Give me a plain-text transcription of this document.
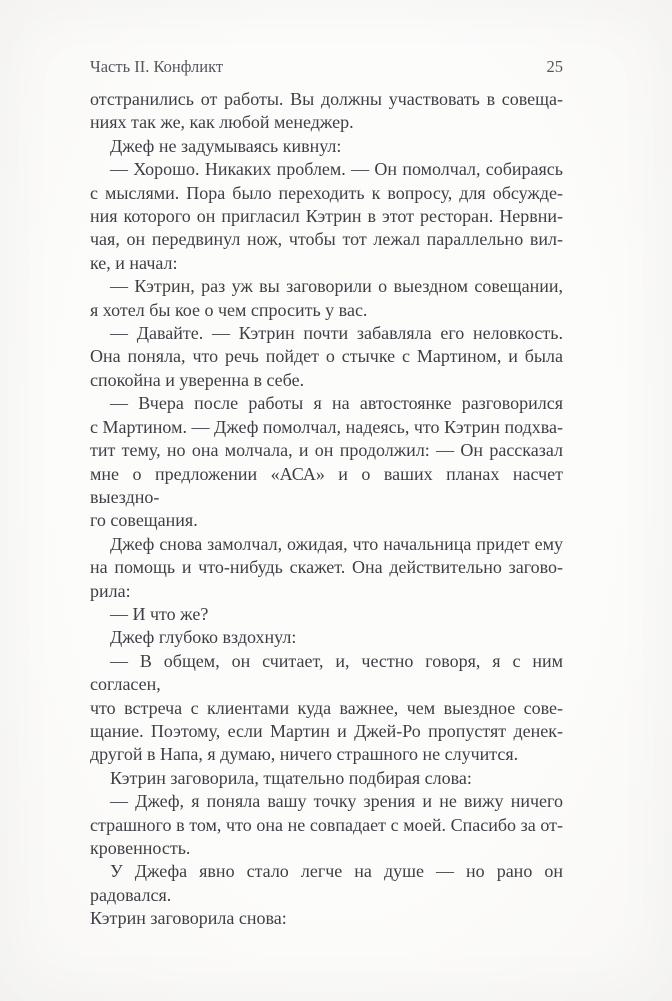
Часть II. Конфликт	25
отстранились от работы. Вы должны участвовать в совеща-
ниях так же, как любой менеджер.
Джеф не задумываясь кивнул:
— Хорошо. Никаких проблем. — Он помолчал, собираясь
с мыслями. Пора было переходить к вопросу, для обсужде-
ния которого он пригласил Кэтрин в этот ресторан. Нервни-
чая, он передвинул нож, чтобы тот лежал параллельно вил-
ке, и начал:
— Кэтрин, раз уж вы заговорили о выездном совещании,
я хотел бы кое о чем спросить у вас.
— Давайте. — Кэтрин почти забавляла его неловкость.
Она поняла, что речь пойдет о стычке с Мартином, и была
спокойна и уверенна в себе.
— Вчера после работы я на автостоянке разговорился
с Мартином. — Джеф помолчал, надеясь, что Кэтрин подхва-
тит тему, но она молчала, и он продолжил: — Он рассказал
мне о предложении «АСА» и о ваших планах насчет выездно-
го совещания.
Джеф снова замолчал, ожидая, что начальница придет ему
на помощь и что-нибудь скажет. Она действительно загово-
рила:
— И что же?
Джеф глубоко вздохнул:
— В общем, он считает, и, честно говоря, я с ним согласен,
что встреча с клиентами куда важнее, чем выездное сове-
щание. Поэтому, если Мартин и Джей-Ро пропустят денек-
другой в Напа, я думаю, ничего страшного не случится.
Кэтрин заговорила, тщательно подбирая слова:
— Джеф, я поняла вашу точку зрения и не вижу ничего
страшного в том, что она не совпадает с моей. Спасибо за от-
кровенность.
У Джефа явно стало легче на душе — но рано он радовался.
Кэтрин заговорила снова:
